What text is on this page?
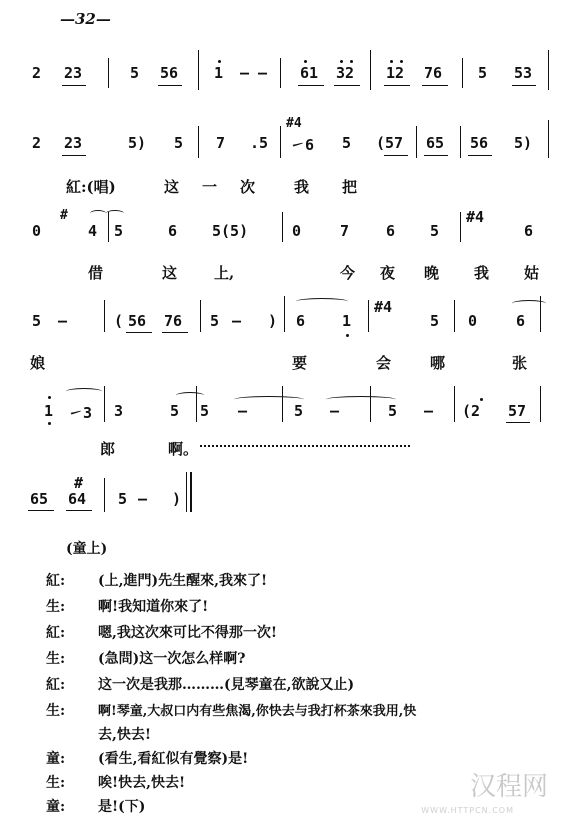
—32—
2 23	5 56 1 — — 61 32 12 76 5 53
2 23	5) 5 7 .5
#4
㇀6 5 (57 65 56 5)
紅:(唱)	这 一 次	我 把
0
#
4 5	6 5(5)	0	7 6 5
#4
6
借	这 上,	今 夜 晚 我 姑
5 —	( 56 76 5 — ) 6 1
#4
5 0	6
娘	要	会	哪	张
1 ㇀3 3	5 5 —	5 —	5 — (2 57
郎	啊。
65
#
64 5 — )
(童上)
紅: (上,進門)先生醒來,我來了!
生: 啊!我知道你來了!
紅: 嗯,我这次來可比不得那一次!
生: (急問)这一次怎么样啊?
紅: 这一次是我那………(見琴童在,欲說又止)
生:	啊!琴童,大叔口内有些焦渴,你快去与我打杯茶來我用,快
去,快去!
童: (看生,看紅似有覺察)是!
生: 唉!快去,快去!
童: 是!(下)
汉程网
WWW.HTTPCN.COM
